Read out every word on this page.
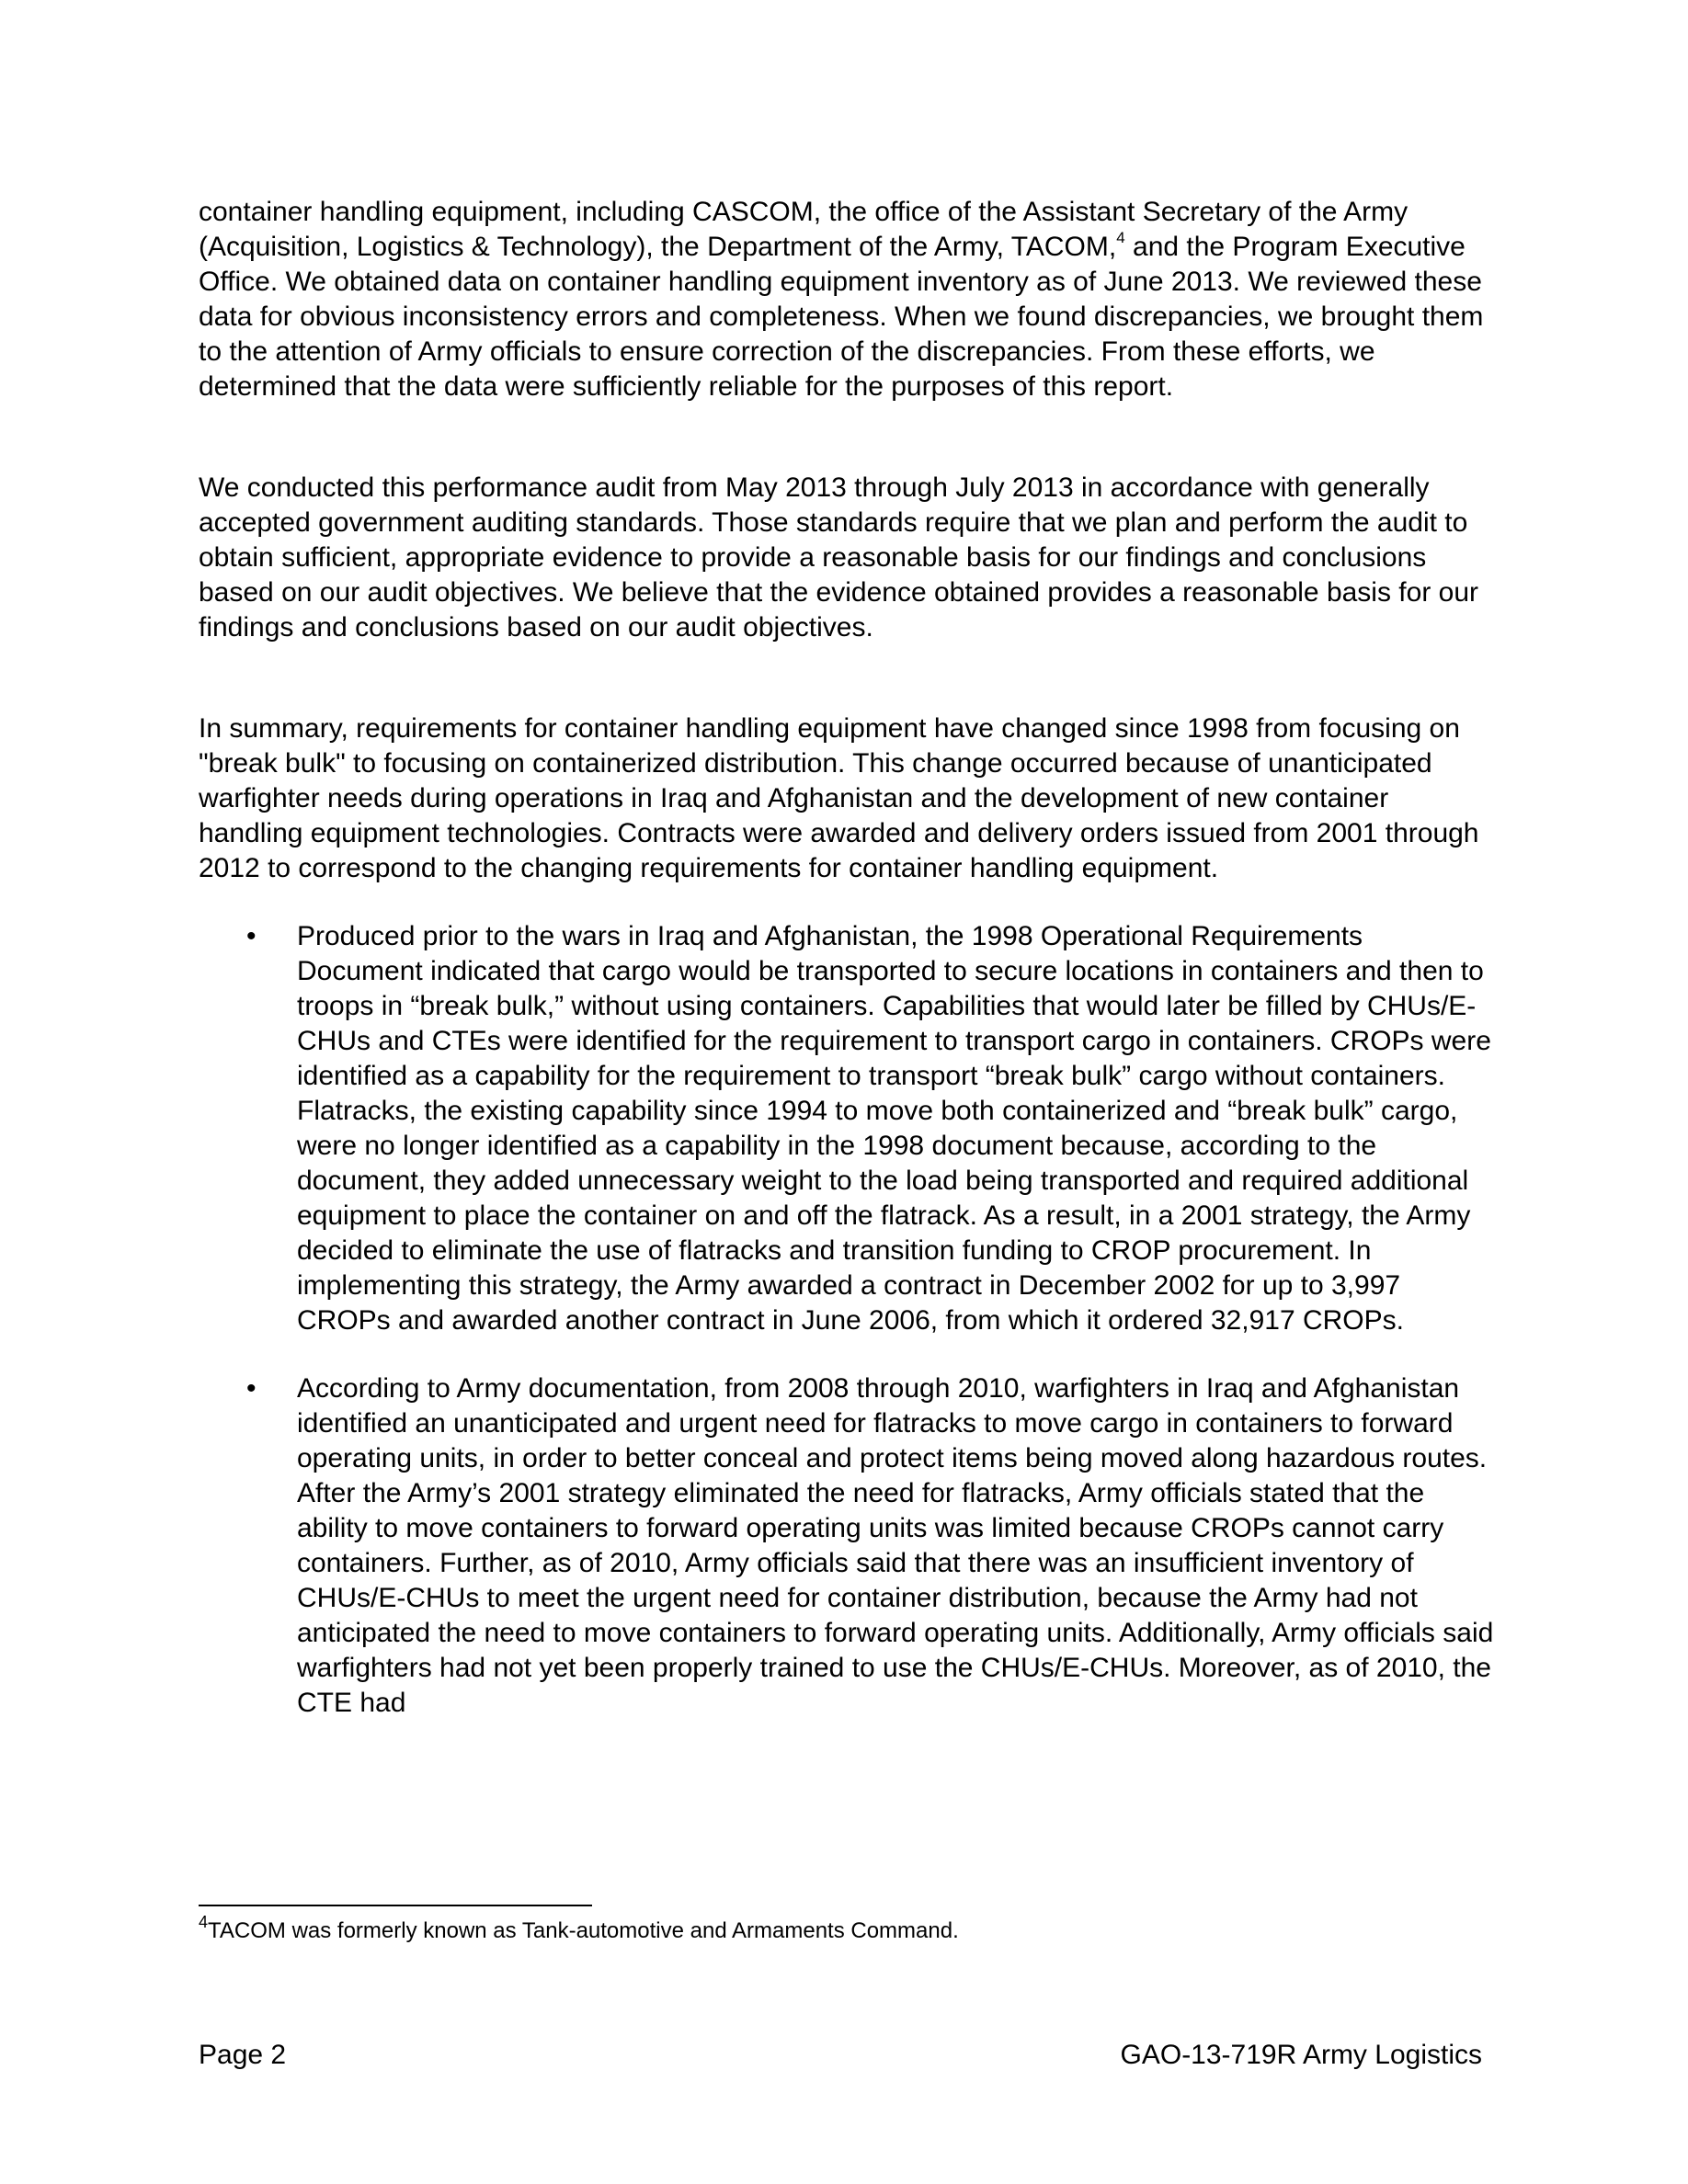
container handling equipment, including CASCOM, the office of the Assistant Secretary of the Army (Acquisition, Logistics & Technology), the Department of the Army, TACOM,$^4$ and the Program Executive Office. We obtained data on container handling equipment inventory as of June 2013. We reviewed these data for obvious inconsistency errors and completeness. When we found discrepancies, we brought them to the attention of Army officials to ensure correction of the discrepancies. From these efforts, we determined that the data were sufficiently reliable for the purposes of this report.

We conducted this performance audit from May 2013 through July 2013 in accordance with generally accepted government auditing standards. Those standards require that we plan and perform the audit to obtain sufficient, appropriate evidence to provide a reasonable basis for our findings and conclusions based on our audit objectives. We believe that the evidence obtained provides a reasonable basis for our findings and conclusions based on our audit objectives.

In summary, requirements for container handling equipment have changed since 1998 from focusing on "break bulk" to focusing on containerized distribution. This change occurred because of unanticipated warfighter needs during operations in Iraq and Afghanistan and the development of new container handling equipment technologies. Contracts were awarded and delivery orders issued from 2001 through 2012 to correspond to the changing requirements for container handling equipment.

• Produced prior to the wars in Iraq and Afghanistan, the 1998 Operational Requirements Document indicated that cargo would be transported to secure locations in containers and then to troops in “break bulk,” without using containers. Capabilities that would later be filled by CHUs/E-CHUs and CTEs were identified for the requirement to transport cargo in containers. CROPs were identified as a capability for the requirement to transport “break bulk” cargo without containers. Flatracks, the existing capability since 1994 to move both containerized and “break bulk” cargo, were no longer identified as a capability in the 1998 document because, according to the document, they added unnecessary weight to the load being transported and required additional equipment to place the container on and off the flatrack. As a result, in a 2001 strategy, the Army decided to eliminate the use of flatracks and transition funding to CROP procurement. In implementing this strategy, the Army awarded a contract in December 2002 for up to 3,997 CROPs and awarded another contract in June 2006, from which it ordered 32,917 CROPs.
• According to Army documentation, from 2008 through 2010, warfighters in Iraq and Afghanistan identified an unanticipated and urgent need for flatracks to move cargo in containers to forward operating units, in order to better conceal and protect items being moved along hazardous routes. After the Army’s 2001 strategy eliminated the need for flatracks, Army officials stated that the ability to move containers to forward operating units was limited because CROPs cannot carry containers. Further, as of 2010, Army officials said that there was an insufficient inventory of CHUs/E-CHUs to meet the urgent need for container distribution, because the Army had not anticipated the need to move containers to forward operating units. Additionally, Army officials said warfighters had not yet been properly trained to use the CHUs/E-CHUs. Moreover, as of 2010, the CTE had
$^4$TACOM was formerly known as Tank-automotive and Armaments Command.
Page 2	GAO-13-719R Army Logistics
